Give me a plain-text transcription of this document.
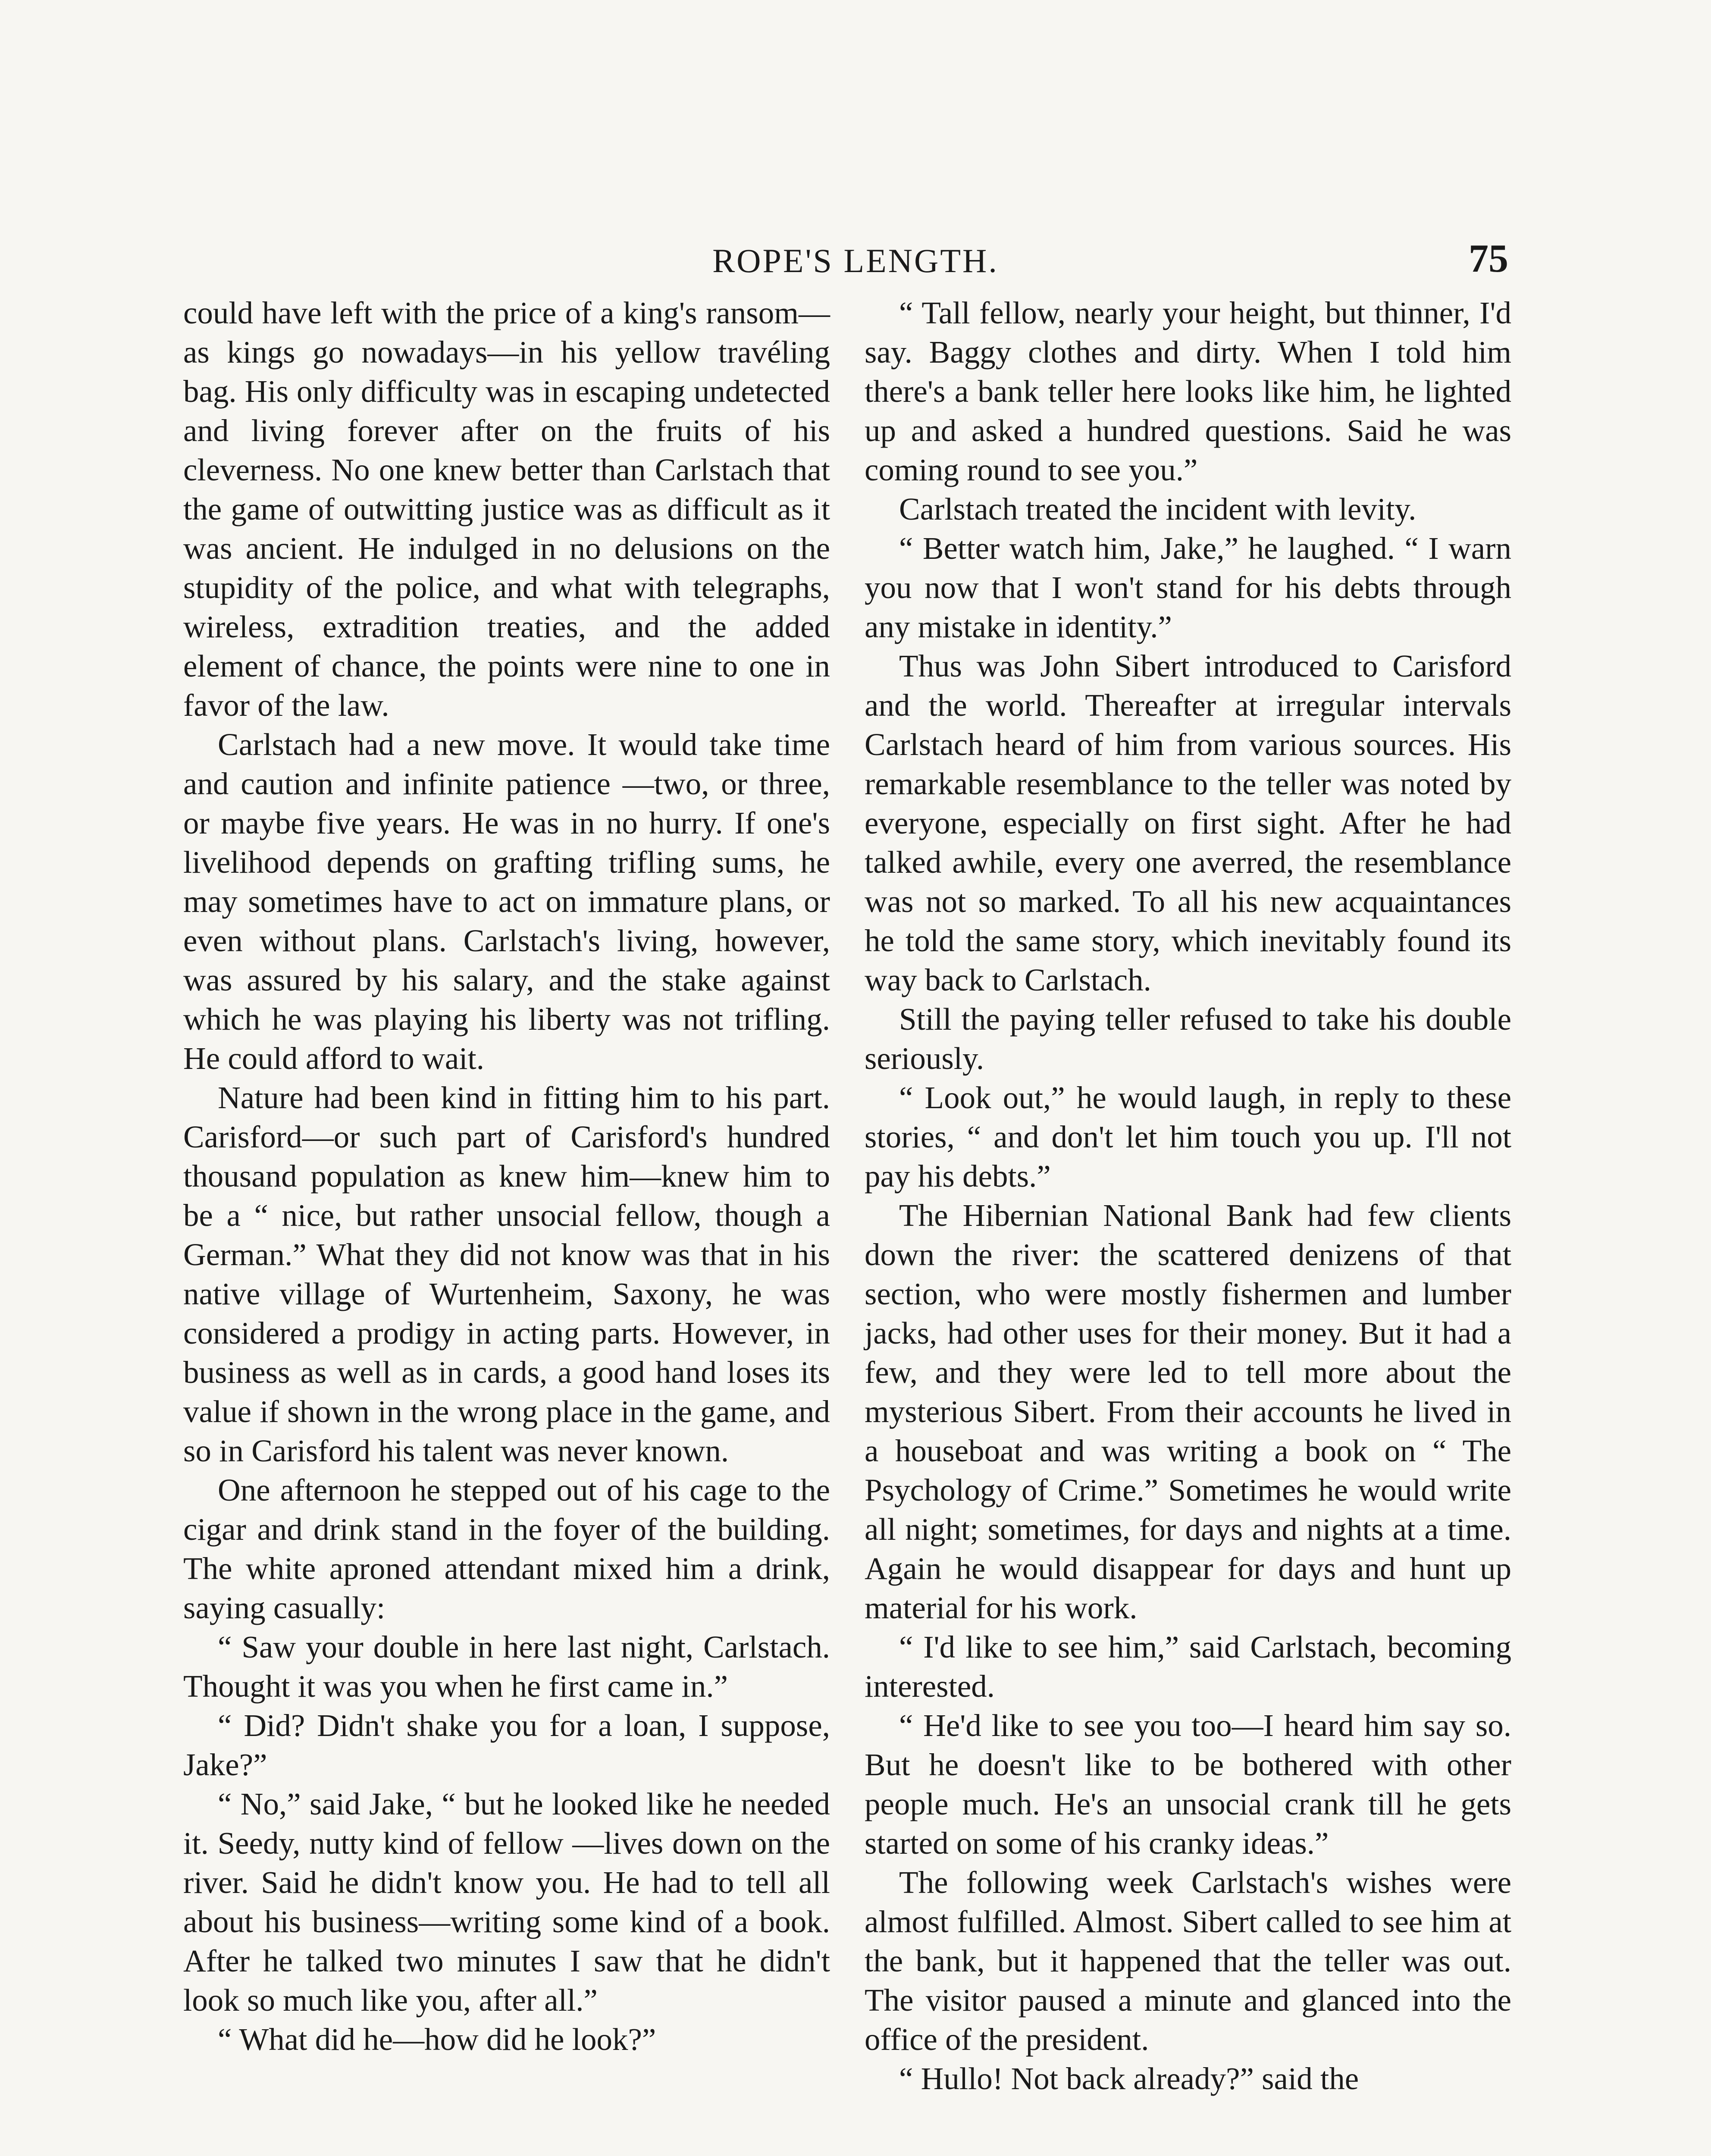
ROPE'S LENGTH.	75

could have left with the price of a king's ransom—as kings go nowadays—in his yellow travéling bag. His only difficulty was in escaping undetected and living forever after on the fruits of his cleverness. No one knew better than Carlstach that the game of outwitting justice was as difficult as it was ancient. He indulged in no delusions on the stupidity of the police, and what with telegraphs, wireless, extradition treaties, and the added element of chance, the points were nine to one in favor of the law.

Carlstach had a new move. It would take time and caution and infinite patience —two, or three, or maybe five years. He was in no hurry. If one's livelihood depends on grafting trifling sums, he may sometimes have to act on immature plans, or even without plans. Carlstach's living, however, was assured by his salary, and the stake against which he was playing his liberty was not trifling. He could afford to wait.

Nature had been kind in fitting him to his part. Carisford—or such part of Carisford's hundred thousand population as knew him—knew him to be a “ nice, but rather unsocial fellow, though a German.” What they did not know was that in his native village of Wurtenheim, Saxony, he was considered a prodigy in acting parts. However, in business as well as in cards, a good hand loses its value if shown in the wrong place in the game, and so in Carisford his talent was never known.

One afternoon he stepped out of his cage to the cigar and drink stand in the foyer of the building. The white aproned attendant mixed him a drink, saying casually:

“ Saw your double in here last night, Carlstach. Thought it was you when he first came in.”

“ Did? Didn't shake you for a loan, I suppose, Jake?”

“ No,” said Jake, “ but he looked like he needed it. Seedy, nutty kind of fellow —lives down on the river. Said he didn't know you. He had to tell all about his business—writing some kind of a book. After he talked two minutes I saw that he didn't look so much like you, after all.”

“ What did he—how did he look?”

“ Tall fellow, nearly your height, but thinner, I'd say. Baggy clothes and dirty. When I told him there's a bank teller here looks like him, he lighted up and asked a hundred questions. Said he was coming round to see you.”

Carlstach treated the incident with levity.

“ Better watch him, Jake,” he laughed. “ I warn you now that I won't stand for his debts through any mistake in identity.”

Thus was John Sibert introduced to Carisford and the world. Thereafter at irregular intervals Carlstach heard of him from various sources. His remarkable resemblance to the teller was noted by everyone, especially on first sight. After he had talked awhile, every one averred, the resemblance was not so marked. To all his new acquaintances he told the same story, which inevitably found its way back to Carlstach.

Still the paying teller refused to take his double seriously.

“ Look out,” he would laugh, in reply to these stories, “ and don't let him touch you up. I'll not pay his debts.”

The Hibernian National Bank had few clients down the river: the scattered denizens of that section, who were mostly fishermen and lumber jacks, had other uses for their money. But it had a few, and they were led to tell more about the mysterious Sibert. From their accounts he lived in a houseboat and was writing a book on “ The Psychology of Crime.” Sometimes he would write all night; sometimes, for days and nights at a time. Again he would disappear for days and hunt up material for his work.

“ I'd like to see him,” said Carlstach, becoming interested.

“ He'd like to see you too—I heard him say so. But he doesn't like to be bothered with other people much. He's an unsocial crank till he gets started on some of his cranky ideas.”

The following week Carlstach's wishes were almost fulfilled. Almost. Sibert called to see him at the bank, but it happened that the teller was out. The visitor paused a minute and glanced into the office of the president.

“ Hullo! Not back already?” said the
